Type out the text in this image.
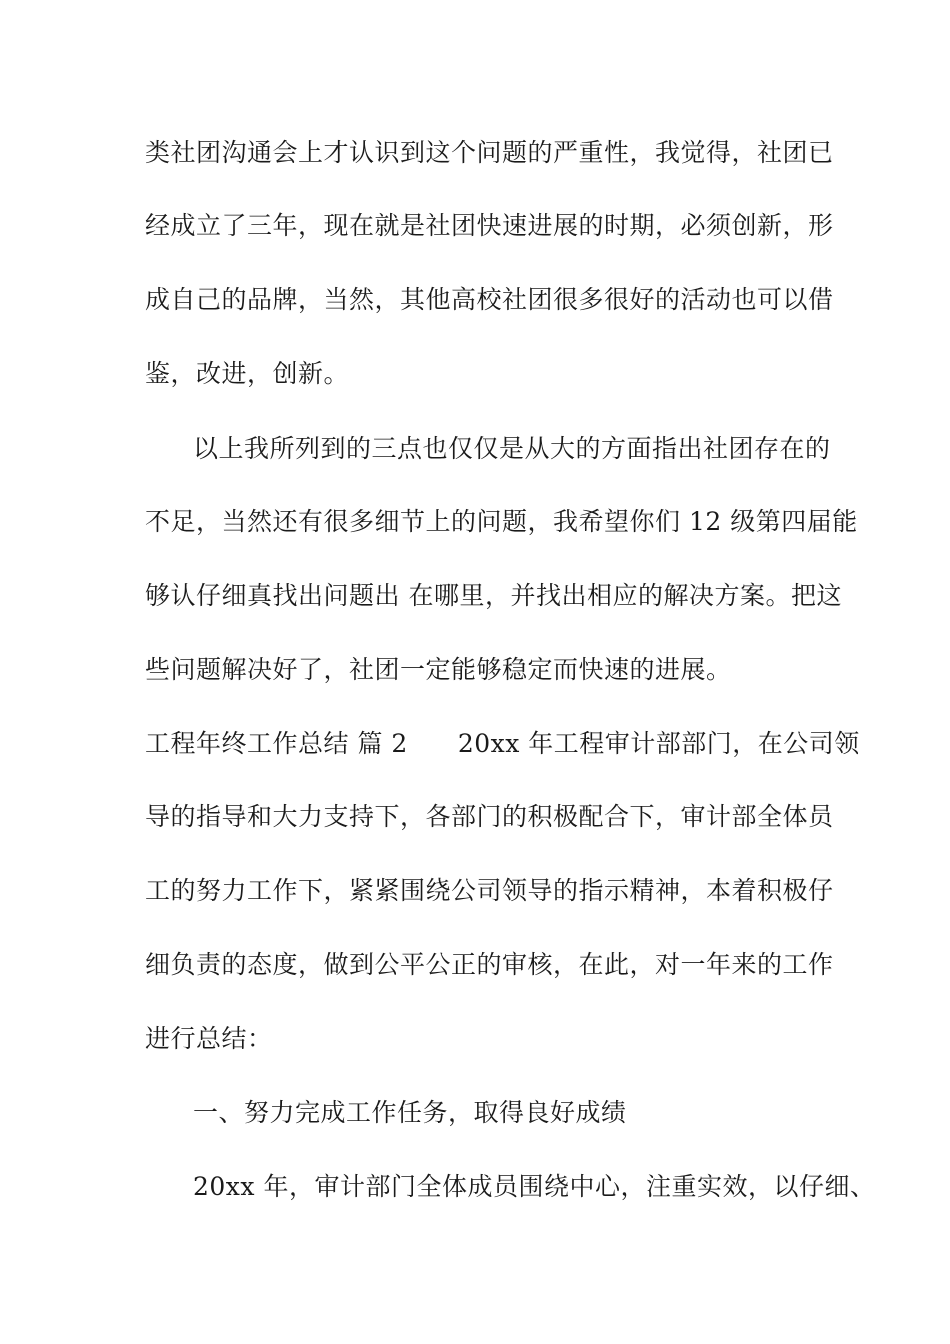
类社团沟通会上才认识到这个问题的严重性，我觉得，社团已
经成立了三年，现在就是社团快速进展的时期，必须创新，形
成自己的品牌，当然，其他高校社团很多很好的活动也可以借
鉴，改进，创新。
以上我所列到的三点也仅仅是从大的方面指出社团存在的
不足，当然还有很多细节上的问题，我希望你们 12 级第四届能
够认仔细真找出问题出 在哪里，并找出相应的解决方案。把这
些问题解决好了，社团一定能够稳定而快速的进展。
工程年终工作总结 篇 2 20xx 年工程审计部部门，在公司领
导的指导和大力支持下，各部门的积极配合下，审计部全体员
工的努力工作下，紧紧围绕公司领导的指示精神，本着积极仔
细负责的态度，做到公平公正的审核，在此，对一年来的工作
进行总结：
一、努力完成工作任务，取得良好成绩
20xx 年，审计部门全体成员围绕中心，注重实效，以仔细、
